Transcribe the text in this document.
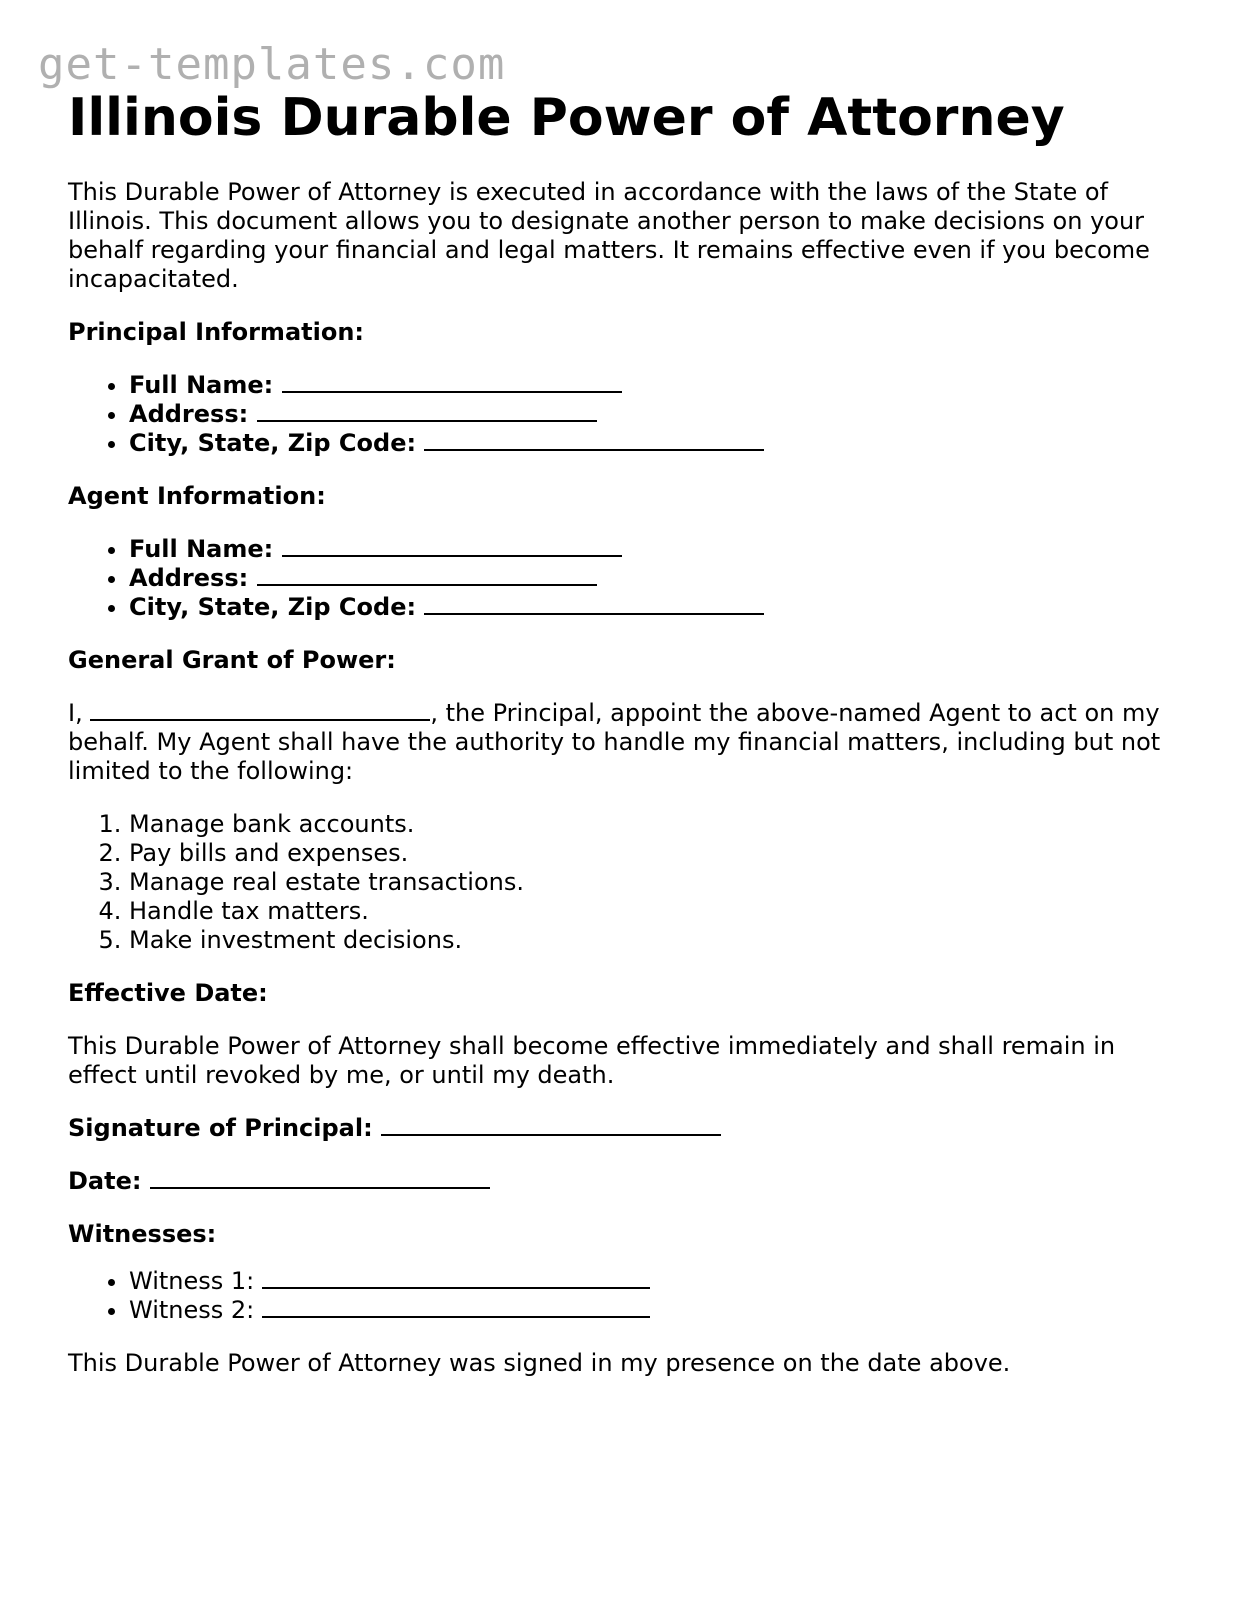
get-templates.com
Illinois Durable Power of Attorney

This Durable Power of Attorney is executed in accordance with the laws of the State of Illinois. This document allows you to designate another person to make decisions on your behalf regarding your financial and legal matters. It remains effective even if you become incapacitated.

Principal Information:

• Full Name:
• Address:
• City, State, Zip Code:

Agent Information:

• Full Name:
• Address:
• City, State, Zip Code:

General Grant of Power:

I,	, the Principal, appoint the above-named Agent to act on my behalf. My Agent shall have the authority to handle my financial matters, including but not limited to the following:

1. Manage bank accounts.
2. Pay bills and expenses.
3. Manage real estate transactions.
4. Handle tax matters.
5. Make investment decisions.

Effective Date:

This Durable Power of Attorney shall become effective immediately and shall remain in effect until revoked by me, or until my death.

Signature of Principal:

Date:

Witnesses:

• Witness 1:
• Witness 2:

This Durable Power of Attorney was signed in my presence on the date above.
